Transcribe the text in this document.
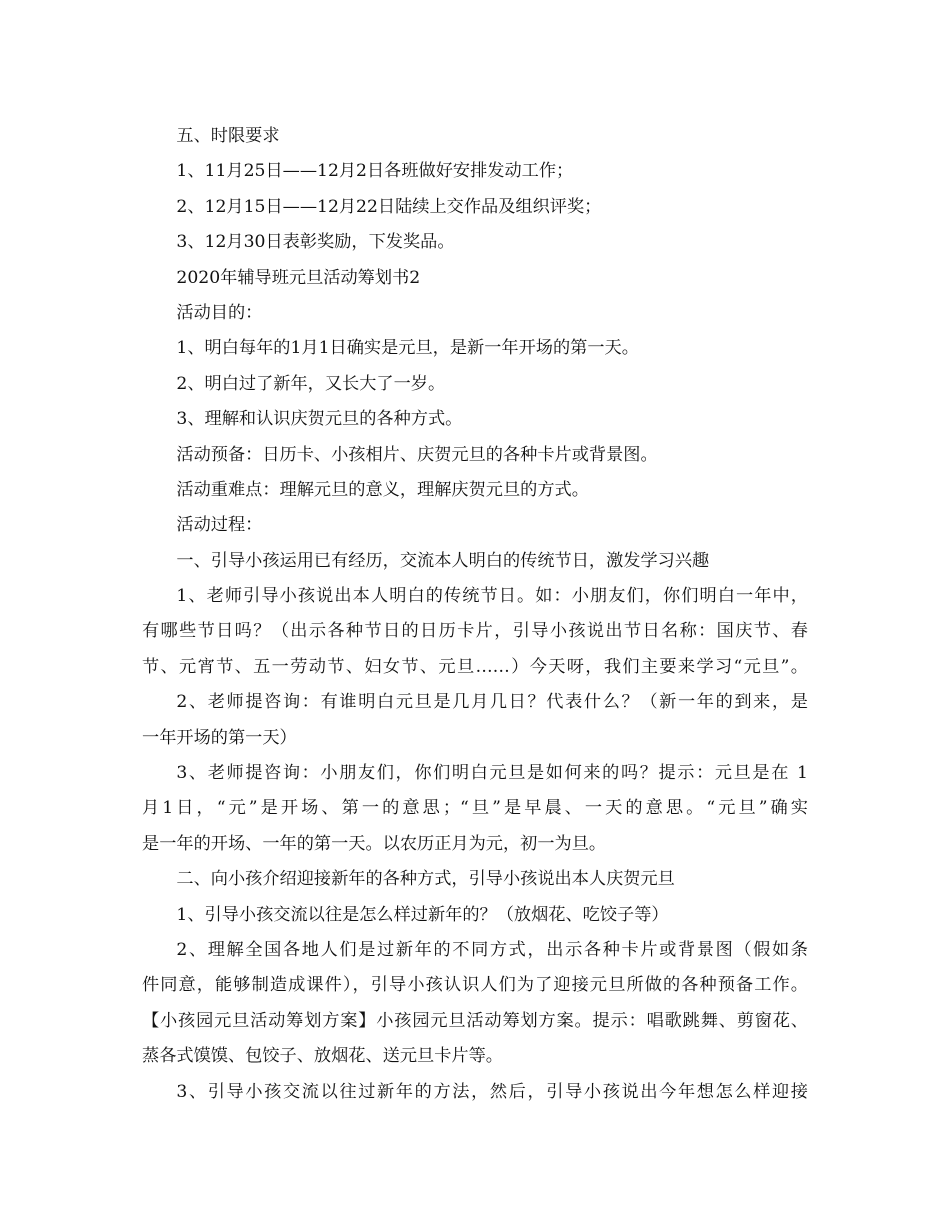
五、时限要求
1、11月25日——12月2日各班做好安排发动工作；
2、12月15日——12月22日陆续上交作品及组织评奖；
3、12月30日表彰奖励，下发奖品。
2020年辅导班元旦活动筹划书2
活动目的：
1、明白每年的1月1日确实是元旦，是新一年开场的第一天。
2、明白过了新年，又长大了一岁。
3、理解和认识庆贺元旦的各种方式。
活动预备：日历卡、小孩相片、庆贺元旦的各种卡片或背景图。
活动重难点：理解元旦的意义，理解庆贺元旦的方式。
活动过程：
一、引导小孩运用已有经历，交流本人明白的传统节日，激发学习兴趣
1、老师引导小孩说出本人明白的传统节日。如：小朋友们，你们明白一年中，
有哪些节日吗？（出示各种节日的日历卡片，引导小孩说出节日名称：国庆节、春
节、元宵节、五一劳动节、妇女节、元旦……）今天呀，我们主要来学习“元旦”。
2、老师提咨询：有谁明白元旦是几月几日？代表什么？（新一年的到来，是
一年开场的第一天）
3、老师提咨询：小朋友们，你们明白元旦是如何来的吗？提示：元旦是在 1
月1日，“元”是开场、第一的意思；“旦”是早晨、一天的意思。“元旦”确实
是一年的开场、一年的第一天。以农历正月为元，初一为旦。
二、向小孩介绍迎接新年的各种方式，引导小孩说出本人庆贺元旦
1、引导小孩交流以往是怎么样过新年的？（放烟花、吃饺子等）
2、理解全国各地人们是过新年的不同方式，出示各种卡片或背景图（假如条
件同意，能够制造成课件），引导小孩认识人们为了迎接元旦所做的各种预备工作。
【小孩园元旦活动筹划方案】小孩园元旦活动筹划方案。提示：唱歌跳舞、剪窗花、
蒸各式馍馍、包饺子、放烟花、送元旦卡片等。
3、引导小孩交流以往过新年的方法，然后，引导小孩说出今年想怎么样迎接
